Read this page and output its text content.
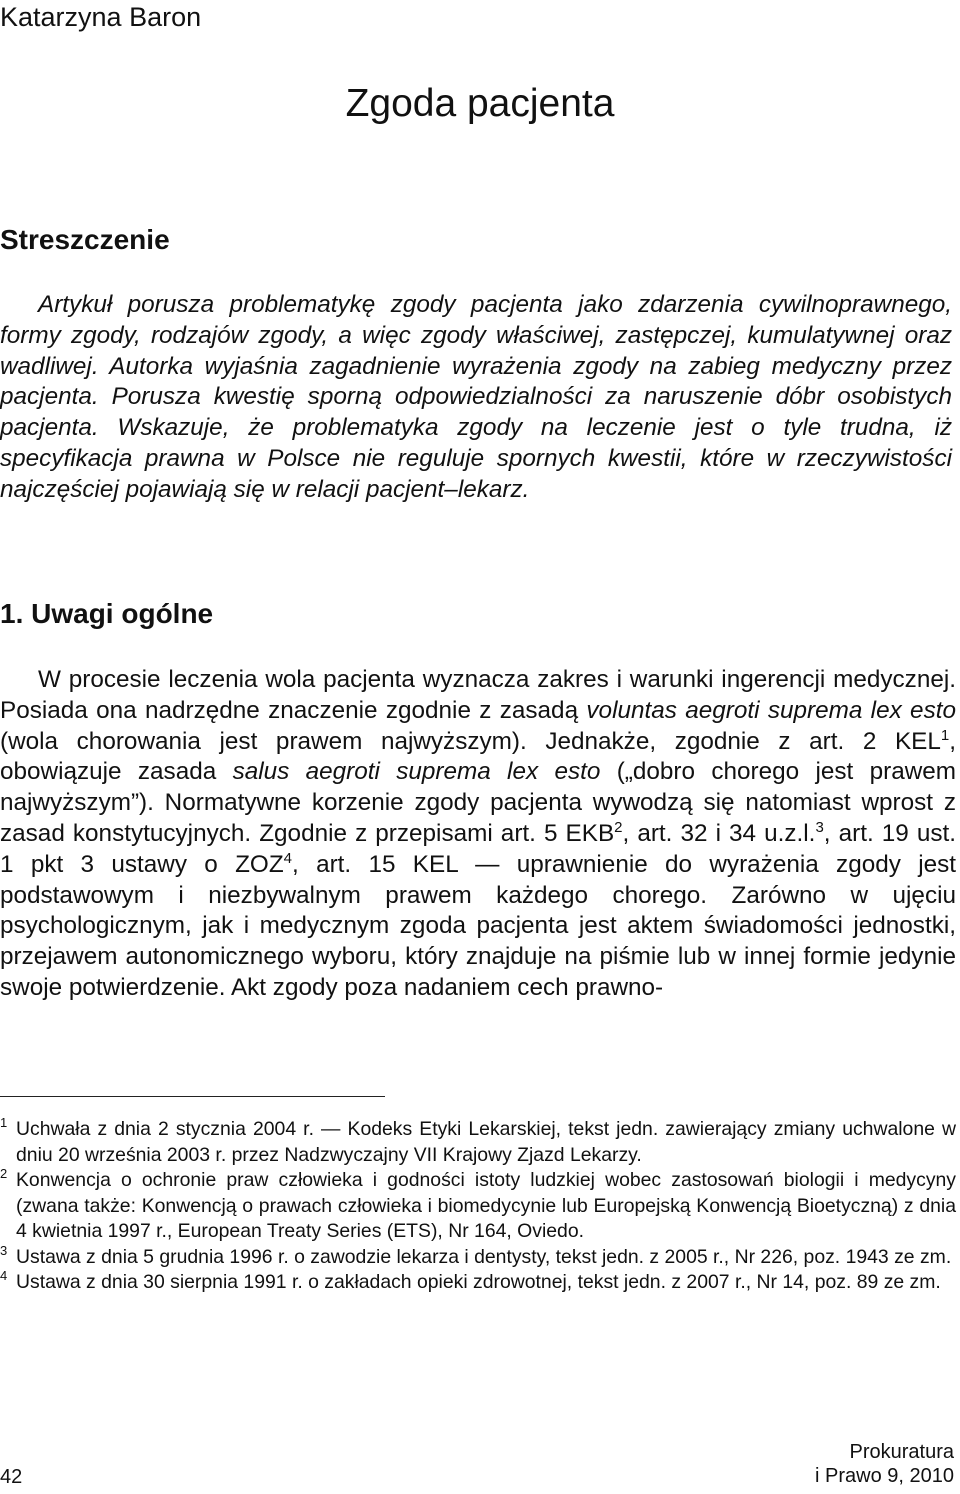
Katarzyna Baron
Zgoda pacjenta
Streszczenie

Artykuł porusza problematykę zgody pacjenta jako zdarzenia cywilnoprawnego, formy zgody, rodzajów zgody, a więc zgody właściwej, zastępczej, kumulatywnej oraz wadliwej. Autorka wyjaśnia zagadnienie wyrażenia zgody na zabieg medyczny przez pacjenta. Porusza kwestię sporną odpowiedzialności za naruszenie dóbr osobistych pacjenta. Wskazuje, że problematyka zgody na leczenie jest o tyle trudna, iż specyfikacja prawna w Polsce nie reguluje spornych kwestii, które w rzeczywistości najczęściej pojawiają się w relacji pacjent–lekarz.

1. Uwagi ogólne

W procesie leczenia wola pacjenta wyznacza zakres i warunki ingerencji medycznej. Posiada ona nadrzędne znaczenie zgodnie z zasadą voluntas aegroti suprema lex esto (wola chorowania jest prawem najwyższym). Jednakże, zgodnie z art. 2 KEL$^1$, obowiązuje zasada salus aegroti suprema lex esto („dobro chorego jest prawem najwyższym”). Normatywne korzenie zgody pacjenta wywodzą się natomiast wprost z zasad konstytucyjnych. Zgodnie z przepisami art. 5 EKB$^2$, art. 32 i 34 u.z.l.$^3$, art. 19 ust. 1 pkt 3 ustawy o ZOZ$^4$, art. 15 KEL — uprawnienie do wyrażenia zgody jest podstawowym i niezbywalnym prawem każdego chorego. Zarówno w ujęciu psychologicznym, jak i medycznym zgoda pacjenta jest aktem świadomości jednostki, przejawem autonomicznego wyboru, który znajduje na piśmie lub w innej formie jedynie swoje potwierdzenie. Akt zgody poza nadaniem cech prawno-

1 Uchwała z dnia 2 stycznia 2004 r. — Kodeks Etyki Lekarskiej, tekst jedn. zawierający zmiany uchwalone w dniu 20 września 2003 r. przez Nadzwyczajny VII Krajowy Zjazd Lekarzy.

2 Konwencja o ochronie praw człowieka i godności istoty ludzkiej wobec zastosowań biologii i medycyny (zwana także: Konwencją o prawach człowieka i biomedycynie lub Europejską Konwencją Bioetyczną) z dnia 4 kwietnia 1997 r., European Treaty Series (ETS), Nr 164, Oviedo.

3 Ustawa z dnia 5 grudnia 1996 r. o zawodzie lekarza i dentysty, tekst jedn. z 2005 r., Nr 226, poz. 1943 ze zm.

4 Ustawa z dnia 30 sierpnia 1991 r. o zakładach opieki zdrowotnej, tekst jedn. z 2007 r., Nr 14, poz. 89 ze zm.

42
Prokuratura
i Prawo 9, 2010
